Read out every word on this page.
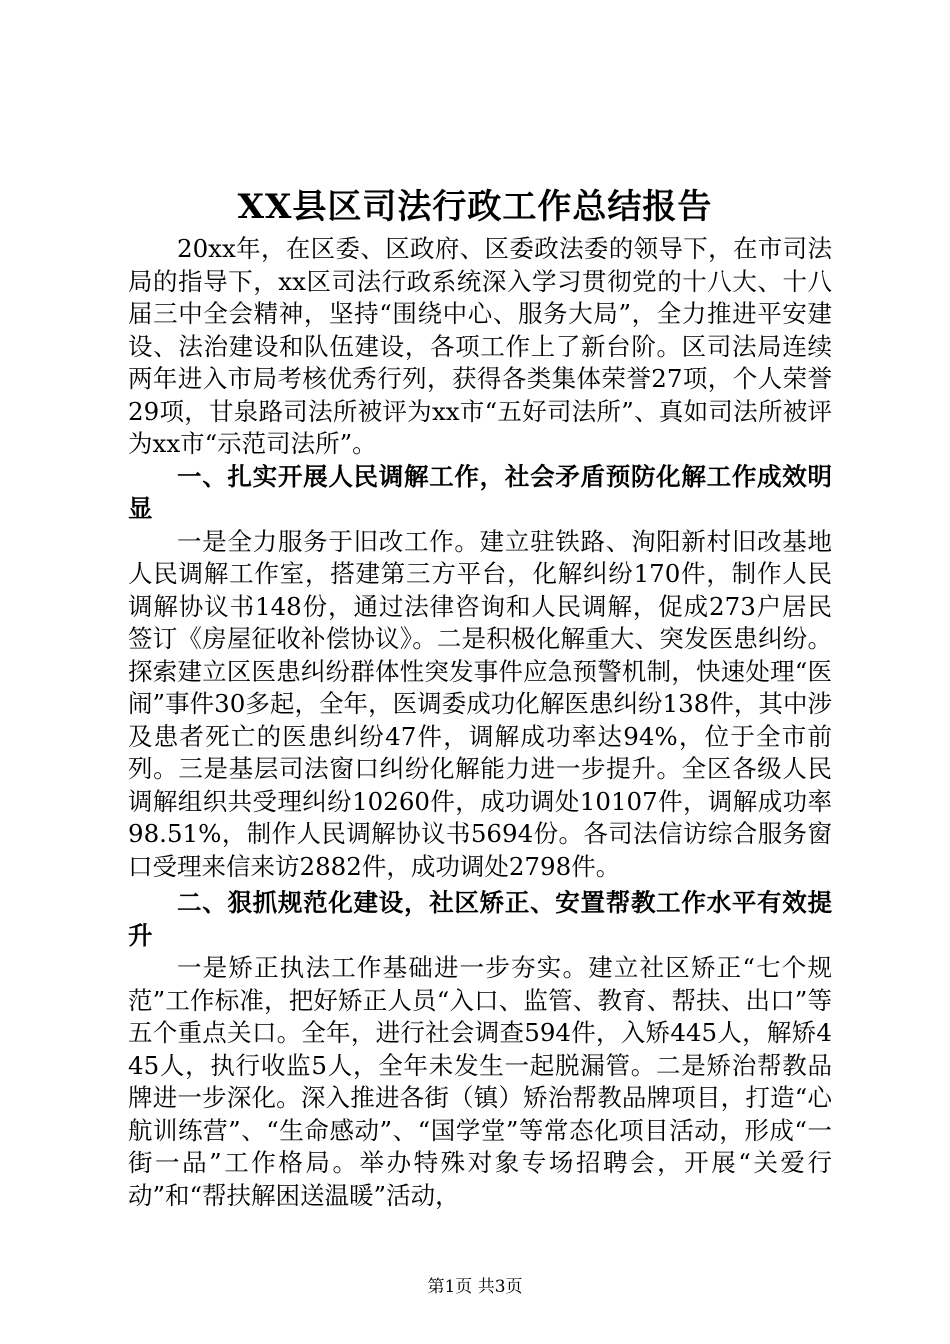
XX县区司法行政工作总结报告

20xx年，在区委、区政府、区委政法委的领导下，在市司法局的指导下，xx区司法行政系统深入学习贯彻党的十八大、十八届三中全会精神，坚持“围绕中心、服务大局”，全力推进平安建设、法治建设和队伍建设，各项工作上了新台阶。区司法局连续两年进入市局考核优秀行列，获得各类集体荣誉27项，个人荣誉29项，甘泉路司法所被评为xx市“五好司法所”、真如司法所被评为xx市“示范司法所”。

一、扎实开展人民调解工作，社会矛盾预防化解工作成效明显

一是全力服务于旧改工作。建立驻铁路、洵阳新村旧改基地人民调解工作室，搭建第三方平台，化解纠纷170件，制作人民调解协议书148份，通过法律咨询和人民调解，促成273户居民签订《房屋征收补偿协议》。二是积极化解重大、突发医患纠纷。探索建立区医患纠纷群体性突发事件应急预警机制，快速处理“医闹”事件30多起，全年，医调委成功化解医患纠纷138件，其中涉及患者死亡的医患纠纷47件，调解成功率达94%，位于全市前列。三是基层司法窗口纠纷化解能力进一步提升。全区各级人民调解组织共受理纠纷10260件，成功调处10107件，调解成功率98.51%，制作人民调解协议书5694份。各司法信访综合服务窗口受理来信来访2882件，成功调处2798件。

二、狠抓规范化建设，社区矫正、安置帮教工作水平有效提升

一是矫正执法工作基础进一步夯实。建立社区矫正“七个规范”工作标准，把好矫正人员“入口、监管、教育、帮扶、出口”等五个重点关口。全年，进行社会调查594件，入矫445人，解矫445人，执行收监5人，全年未发生一起脱漏管。二是矫治帮教品牌进一步深化。深入推进各街（镇）矫治帮教品牌项目，打造“心航训练营”、“生命感动”、“国学堂”等常态化项目活动，形成“一街一品”工作格局。举办特殊对象专场招聘会，开展“关爱行动”和“帮扶解困送温暖”活动，

第1页 共3页
